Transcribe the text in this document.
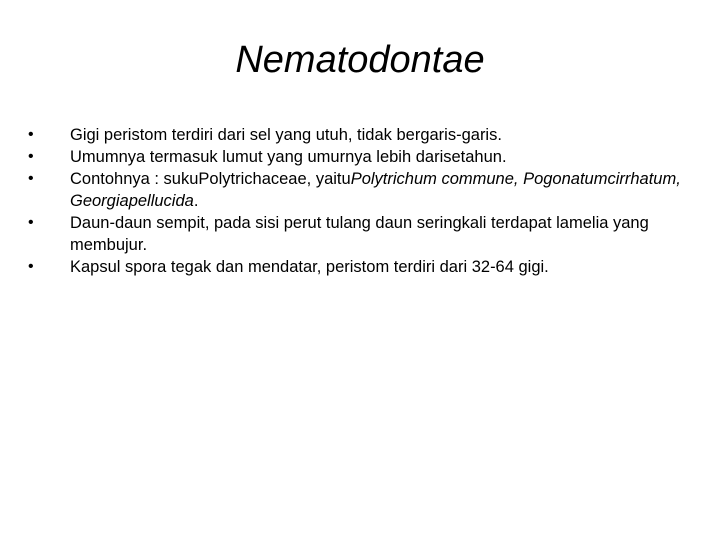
Nematodontae
•	Gigi peristom terdiri dari sel yang utuh, tidak bergaris-garis.
•	Umumnya termasuk lumut yang umurnya lebih darisetahun.
•	Contohnya : sukuPolytrichaceae, yaituPolytrichum commune, Pogonatumcirrhatum, Georgiapellucida.
•	Daun-daun sempit, pada sisi perut tulang daun seringkali terdapat lamelia yang membujur.
•	Kapsul spora tegak dan mendatar, peristom terdiri dari 32-64 gigi.
